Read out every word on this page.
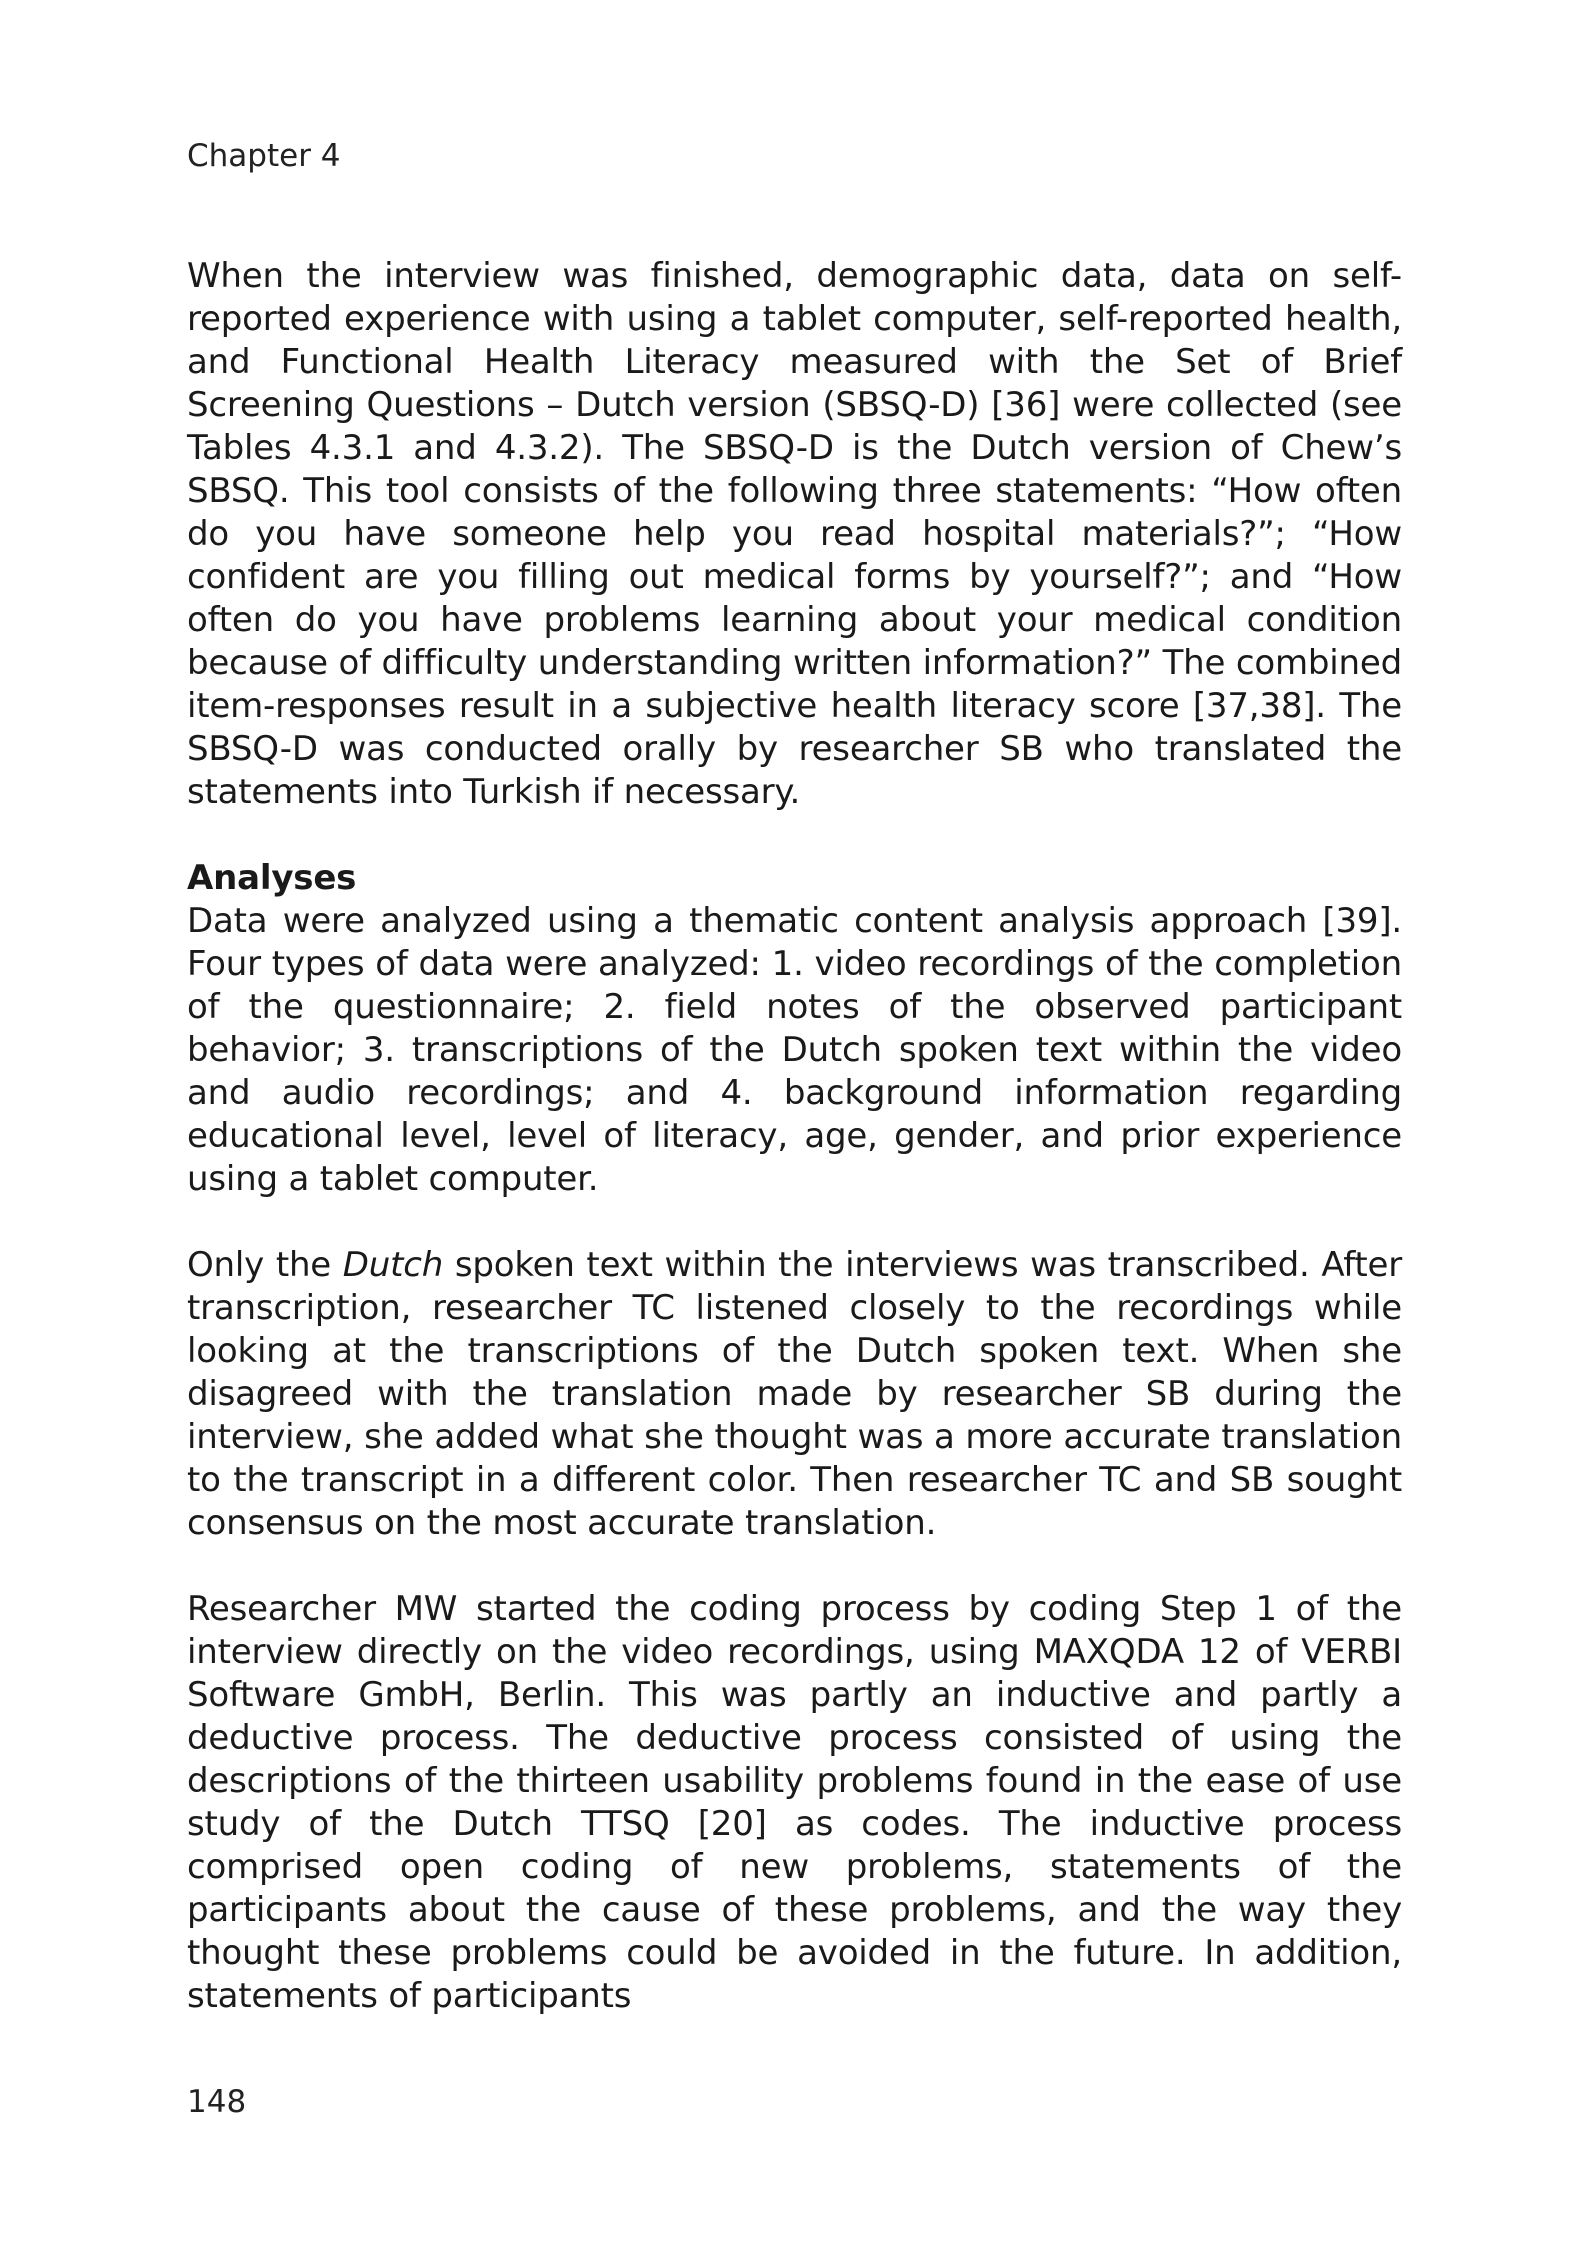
Chapter 4

When the interview was finished, demographic data, data on self-reported experience with using a tablet computer, self-reported health, and Functional Health Literacy measured with the Set of Brief Screening Questions – Dutch version (SBSQ-D) [36] were collected (see Tables 4.3.1 and 4.3.2). The SBSQ-D is the Dutch version of Chew’s SBSQ. This tool consists of the following three statements: “How often do you have someone help you read hospital materials?”; “How confident are you filling out medical forms by yourself?”; and “How often do you have problems learning about your medical condition because of difficulty understanding written information?” The combined item-responses result in a subjective health literacy score [37,38]. The SBSQ-D was conducted orally by researcher SB who translated the statements into Turkish if necessary.

Analyses

Data were analyzed using a thematic content analysis approach [39]. Four types of data were analyzed: 1. video recordings of the completion of the questionnaire; 2. field notes of the observed participant behavior; 3. transcriptions of the Dutch spoken text within the video and audio recordings; and 4. background information regarding educational level, level of literacy, age, gender, and prior experience using a tablet computer.

Only the Dutch spoken text within the interviews was transcribed. After transcription, researcher TC listened closely to the recordings while looking at the transcriptions of the Dutch spoken text. When she disagreed with the translation made by researcher SB during the interview, she added what she thought was a more accurate translation to the transcript in a different color. Then researcher TC and SB sought consensus on the most accurate translation.

Researcher MW started the coding process by coding Step 1 of the interview directly on the video recordings, using MAXQDA 12 of VERBI Software GmbH, Berlin. This was partly an inductive and partly a deductive process. The deductive process consisted of using the descriptions of the thirteen usability problems found in the ease of use study of the Dutch TTSQ [20] as codes. The inductive process comprised open coding of new problems, statements of the participants about the cause of these problems, and the way they thought these problems could be avoided in the future. In addition, statements of participants

148
